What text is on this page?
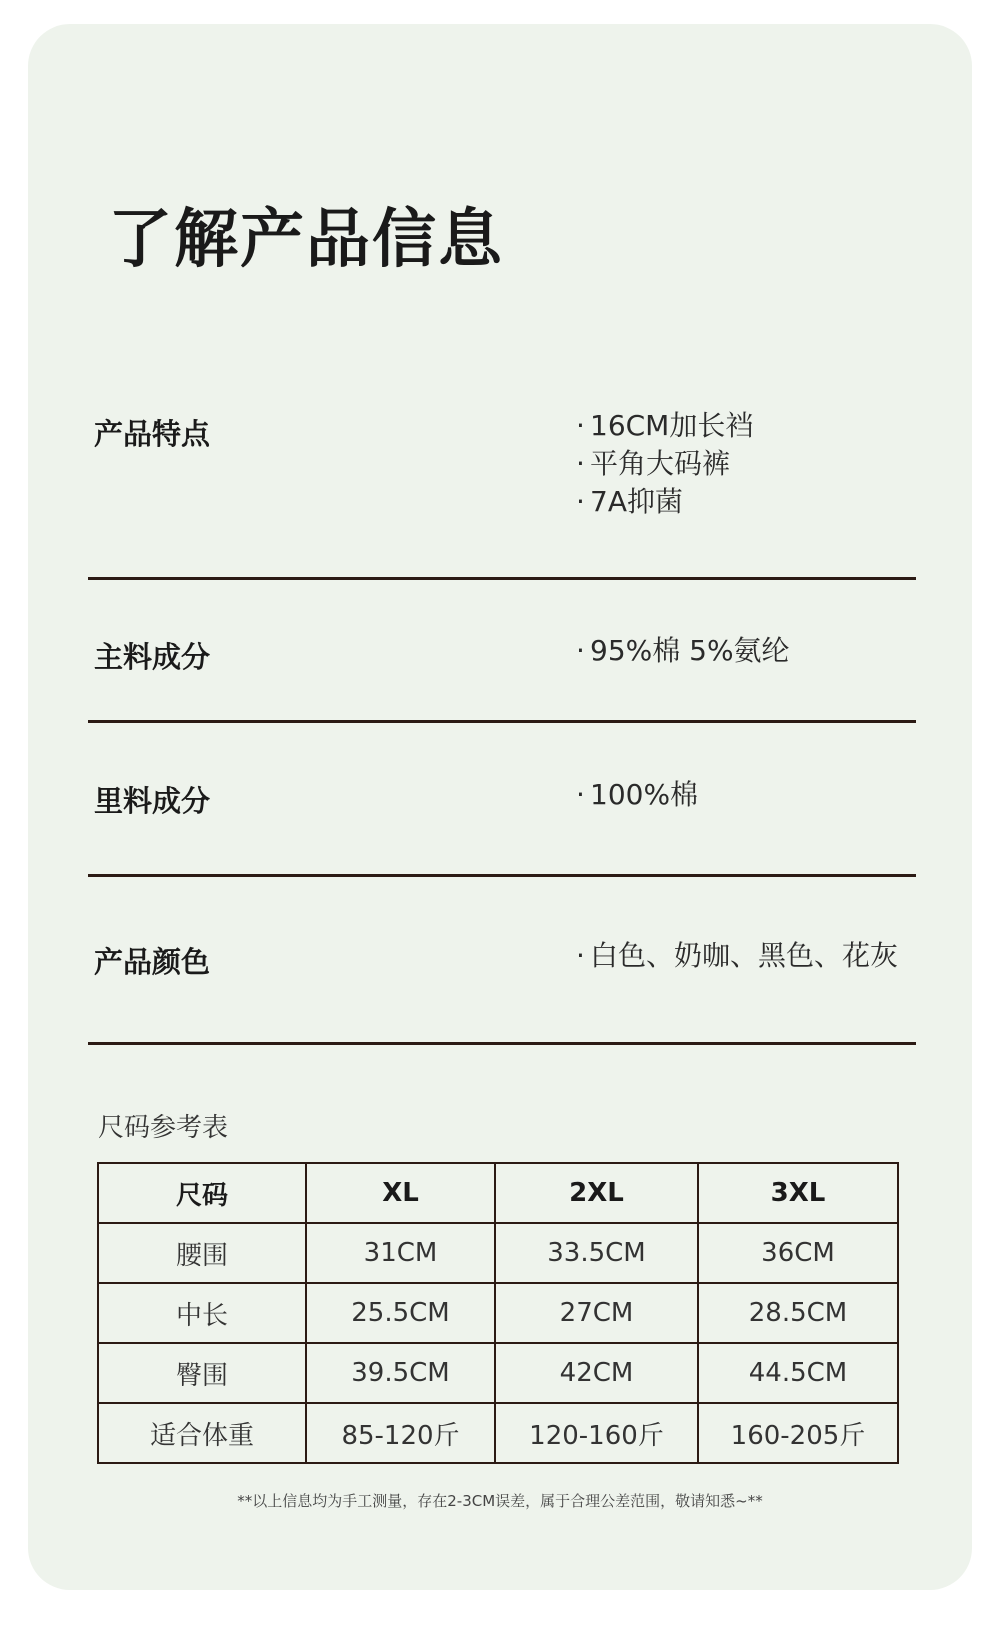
了解产品信息
产品特点	· 16CM加长裆
· 平角大码裤
· 7A抑菌
主料成分	· 95%棉 5%氨纶
里料成分	· 100%棉
产品颜色	· 白色、奶咖、黑色、花灰
尺码参考表
尺码	XL	2XL	3XL
腰围	31CM	33.5CM	36CM
中长	25.5CM	27CM	28.5CM
臀围	39.5CM	42CM	44.5CM
适合体重	85-120斤	120-160斤	160-205斤
**以上信息均为手工测量，存在2-3CM误差，属于合理公差范围，敬请知悉~**
